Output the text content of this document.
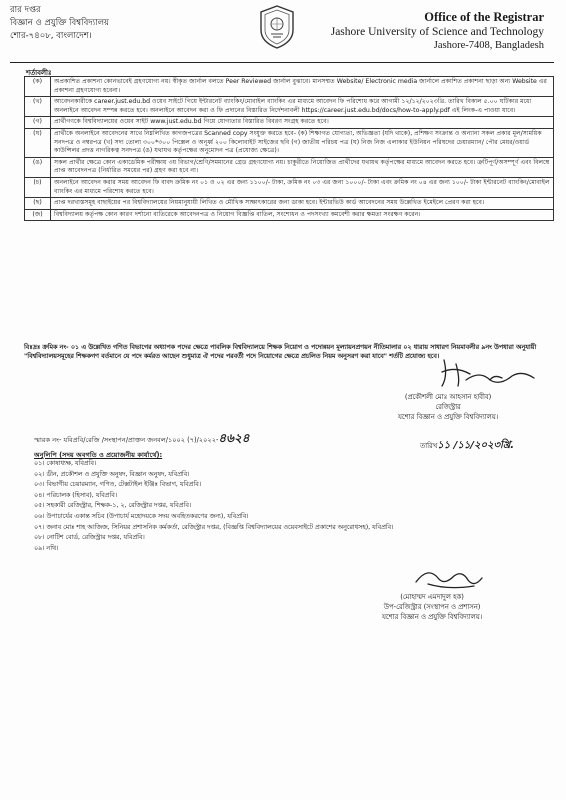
রার দপ্তর
বিজ্ঞান ও প্রযুক্তি বিশ্ববিদ্যালয়
শোর-৭৪০৮, বাংলাদেশ।
Office of the Registrar
Jashore University of Science and Technology
Jashore-7408, Bangladesh
শর্তাবলীঃ
(ক)	অপ্রকাশিত প্রকাশনা কোনভাবেই গ্রহণযোগ্য নয়। স্বীকৃত জার্নাল বলতে Peer Reviewed জার্নাল বুঝাবে। মানসম্মত Website/ Electronic media জার্নালে প্রকাশিত প্রকাশনা ছাড়া অন্য Website এর প্রকাশনা গ্রহণযোগ্য হবেনা।
(খ)	আবেদনকারীকে career.just.edu.bd ওয়েব সাইটে গিয়ে ইন্টারনেট ব্যাংকিং/মোবাইল ব্যাংকিং এর মাধ্যমে আবেদন ফি পরিশোধ করে আগামী ১২/১২/২০২৩খ্রি. তারিখ বিকাল ৫.০০ ঘটিকার মধ্যে অনলাইনে আবেদন সম্পন্ন করতে হবে। অনলাইনে আবেদন করা ও ফি প্রদানের বিস্তারিত নির্দেশনাবলী https://career.just.edu.bd/docs/how-to-apply.pdf এই লিংক-এ পাওয়া যাবে।
(গ)	প্রার্থীগণকে বিশ্ববিদ্যালয়ের ওয়েব সাইট www.just.edu.bd গিয়ে যোগ্যতার বিস্তারিত বিবরণ সংগ্রহ করতে হবে।
(ঘ)	প্রার্থীকে অনলাইনে আবেদনের সাথে নিম্নলিখিত কাগজপত্রের Scanned copy সংযুক্ত করতে হবে- (ক) শিক্ষাগত যোগ্যতা, অভিজ্ঞতা (যদি থাকে), প্রশিক্ষণ সংক্রান্ত ও অন্যান্য সকল প্রকার মূল/সাময়িক সনদপত্র ও নম্বরপত্র (খ) সদ্য তোলা ৩০০*৩০০ পিক্সেল ও অনূর্ধ্ব ২০০ কিলোবাইট সাইজের ছবি (গ) জাতীয় পরিচয় পত্র (ঘ) নিজ নিজ এলাকার ইউনিয়ন পরিষদের চেয়ারম্যান/ পৌর মেয়র/ওয়ার্ড কাউন্সিলর প্রদত্ত নাগরিকত্ব সনদপত্র (ঙ) যথাযথ কর্তৃপক্ষের অনুমোদন পত্র (প্রযোজ্য ক্ষেত্রে)।
(ঙ)	সকল প্রার্থীর ক্ষেত্রে কোন একাডেমিক পরীক্ষায় ৩য় বিভাগ/শ্রেণি/সমমানের গ্রেড গ্রহণযোগ্য নয়। চাকুরীতে নিয়োজিত প্রার্থীদের যথাযথ কর্তৃপক্ষের মাধ্যমে আবেদন করতে হবে। ত্রুটিপূর্ণ/অসম্পূর্ণ এবং বিলম্বে প্রাপ্ত আবেদনপত্র (নির্ধারিত সময়ের পর) গ্রহণ করা হবে না।
(চ)	অনলাইনে আবেদন করার সময় আবেদন ফি বাবদ ক্রমিক নং ০১ ও ০২ এর জন্য ১১০০/- টাকা, ক্রমিক নং ০৩ এর জন্য ১০০০/- টাকা এবং ক্রমিক নং ০৪ এর জন্য ১০০/- টাকা ইন্টারনেট ব্যাংকিং/মোবাইল ব্যাংকিং এর মাধ্যমে পরিশোধ করতে হবে।
(ছ)	প্রাপ্ত দরখাস্তসমূহ বাছাইয়ের পর বিশ্ববিদ্যালয়ের নিয়মানুযায়ী লিখিত ও মৌখিক সাক্ষাৎকারের জন্য ডাকা হবে। ইন্টারভিউ কার্ড আবেদনের সময় উল্লেখিত ইমেইলে প্রেরণ করা হবে।
(জ)	বিশ্ববিদ্যালয় কর্তৃপক্ষ কোন কারণ দর্শানো ব্যতিরেকে আবেদনপত্র ও নিয়োগ বিজ্ঞপ্তি বাতিল, সংশোধন ও পদসংখ্যা কমবেশী করার ক্ষমতা সংরক্ষণ করেন।
বিঃদ্রঃ ক্রমিক নং- ০১ এ উল্লেখিত গণিত বিভাগের অধ্যাপক পদের ক্ষেত্রে পাবলিক বিশ্ববিদ্যালয়ে শিক্ষক নিয়োগ ও পদোন্নয়ন মূল্যায়নপ্রণয়ন নীতিমালার ০২ ধারায় সাধারণ নিয়মাবলীর ৯নং উপধারা অনুযায়ী "বিশ্ববিদ্যালয়সমূহের শিক্ষকগণ বর্তমানে যে পদে কর্মরত আছেন শুধুমাত্র ঐ পদের পরবর্তী পদে নিয়োগের ক্ষেত্রে প্রচলিত নিয়ম অনুসরণ করা যাবে" শর্তটি প্রযোজ্য হবে।
(প্রকৌশলী মোঃ আহসান হাবীব)
রেজিস্ট্রার
যশোর বিজ্ঞান ও প্রযুক্তি বিশ্ববিদ্যালয়।
স্মারক নং- যবিপ্রবি/রেজি /সংস্থাপন/প্রাক্তন জনবল/১০০২ (৭)/২০২২-৪৬২৪
তারিখ১১ /১১/২০২৩খ্রি.
অনুলিপি (সদয় অবগতি ও প্রয়োজনীয় কার্যার্থে):
০১। কোষাধ্যক্ষ, যবিপ্রবি।
০২। ডীন, প্রকৌশল ও প্রযুক্তি অনুষদ, বিজ্ঞান অনুষদ, যবিপ্রবি।
০৩। বিভাগীয় চেয়ারম্যান, গণিত, টেক্সটাইল ইঞ্জিঃ বিভাগ, যবিপ্রবি।
০৪। পরিচালক (হিসাব), যবিপ্রবি।
০৫। সহকারী রেজিস্ট্রার, শিক্ষক-১, ২, রেজিস্ট্রার দপ্তর, যবিপ্রবি।
০৬। উপাচার্যের একান্ত সচিব (উপাচার্য মহোদয়কে সদয় অবহিতকরণের জন্য), যবিপ্রবি।
০৭। জনাব মোঃ শাহ আজিজ, সিনিয়র প্রশাসনিক কর্মকর্তা, রেজিস্ট্রার দপ্তর, (বিজ্ঞপ্তি বিশ্ববিদ্যালয়ের ওয়েবসাইটে প্রকাশের অনুরোধসহ), যবিপ্রবি।
০৮। নোটিশ বোর্ড, রেজিস্ট্রার দপ্তর, যবিপ্রবি।
০৯। নথি।
(মোহাম্মদ এমদাদুল হক)
উপ-রেজিস্ট্রার (সংস্থাপন ও প্রশাসন)
যশোর বিজ্ঞান ও প্রযুক্তি বিশ্ববিদ্যালয়।
